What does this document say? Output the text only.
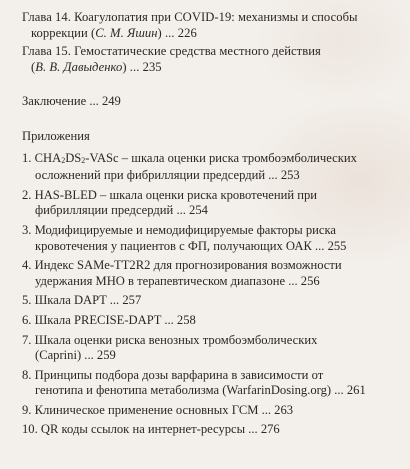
Глава 14. Коагулопатия при COVID-19: механизмы и способы
коррекции (С. М. Яшин) ... 226
Глава 15. Гемостатические средства местного действия
(В. В. Давыденко) ... 235
Заключение ... 249
Приложения
1. $CHA_2DS_2$-VASc – шкала оценки риска тромбоэмболических
осложнений при фибрилляции предсердий ... 253
2. HAS-BLED – шкала оценки риска кровотечений при
фибрилляции предсердий ... 254
3. Модифицируемые и немодифицируемые факторы риска
кровотечения у пациентов с ФП, получающих ОАК ... 255
4. Индекс SAMe-TT2R2 для прогнозирования возможности
удержания МНО в терапевтическом диапазоне ... 256
5. Шкала DAPT ... 257
6. Шкала PRECISE-DAPT ... 258
7. Шкала оценки риска венозных тромбоэмболических
(Caprini) ... 259
8. Принципы подбора дозы варфарина в зависимости от
генотипа и фенотипа метаболизма (WarfarinDosing.org) ... 261
9. Клиническое применение основных ГСМ ... 263
10. QR коды ссылок на интернет-ресурсы ... 276
